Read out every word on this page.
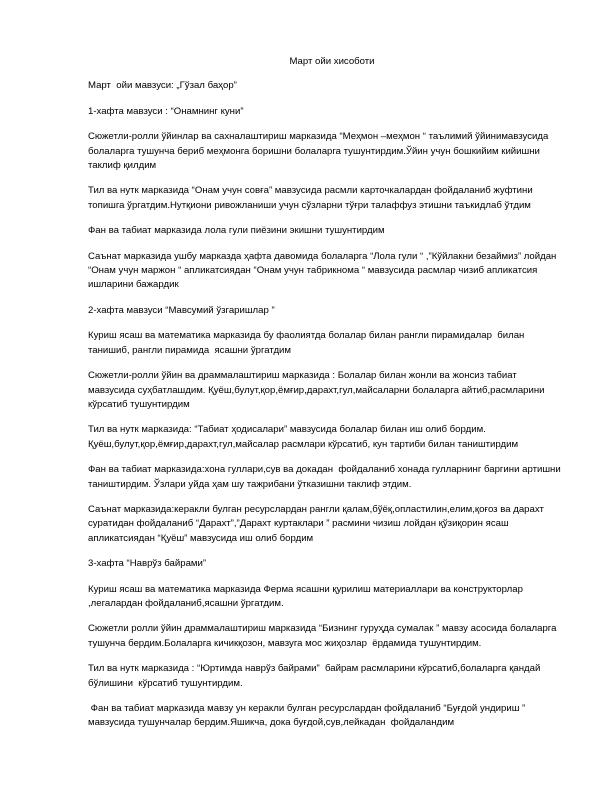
Март ойи хисоботи

Март  ойи мавзуси: „Гўзал баҳор”

1-хафта мавзуси : “Онамнинг куни”

Сюжетли-ролли ўйинлар ва сахналаштириш марказида “Меҳмон –меҳмон “ таълимий ўйинимавзусида болаларга тушунча бериб меҳмонга боришни болаларга тушунтирдим.Ўйин учун бошкийим кийишни таклиф қилдим

Тил ва нутк марказида “Онам учун совға” мавзусида расмли карточкалардан фойдаланиб жуфтини топишга ўргатдим.Нутқиони ривожланиши учун сўзларни тўғри талаффуз этишни таъкидлаб ўтдим

Фан ва табиат марказида лола гули пиёзини экишни тушунтирдим

Саънат марказида ушбу марказда ҳафта давомида болаларга “Лола гули “ ,”Кўйлакни безаймиз” лойдан “Онам учун маржон “ апликатсиядан “Онам учун табрикнома “ мавзусида расмлар чизиб апликатсия ишларини бажардик

2-хафта мавзуси “Мавсумий ўзгаришлар ”

Куриш ясаш ва математика марказида бу фаолиятда болалар билан рангли пирамидалар  билан танишиб, рангли пирамида  ясашни ўргатдим

Сюжетли-ролли ўйин ва драммалаштириш марказида : Болалар билан жонли ва жонсиз табиат мавзусида суҳбатлашдим. Қуёш,булут,қор,ёмғир,дарахт,гул,майсаларни болаларга айтиб,расмларини кўрсатиб тушунтирдим

Тил ва нутк марказида: “Табиат ҳодисалари” мавзусида болалар билан иш олиб бордим. Қуёш,булут,қор,ёмғир,дарахт,гул,майсалар расмлари кўрсатиб, кун тартиби билан таништирдим

Фан ва табиат марказида:хона гуллари,сув ва докадан  фойдаланиб хонада гулларнинг баргини артишни таништирдим. Ўзлари уйда ҳам шу тажрибани ўтказишни таклиф этдим.

Саънат марказида:керакли булган ресурслардан рангли қалам,бўёқ,опластилин,елим,қоғоз ва дарахт суратидан фойдаланиб “Дарахт”,”Дарахт куртаклари ” расмини чизиш лойдан қўзиқорин ясаш апликатсиядан “Қуёш” мавзусида иш олиб бордим

3-хафта “Наврўз байрами”

Куриш ясаш ва математика марказида Ферма ясашни қурилиш материаллари ва конструкторлар ,легалардан фойдаланиб,ясашни ўргатдим.

Сюжетли ролли ўйин драммалаштириш марказида “Бизнинг гуруҳда сумалак ” мавзу асосида болаларга тушунча бердим.Болаларга кичикқозон, мавзуга мос жиҳозлар  ёрдамида тушунтирдим.

Тил ва нутк марказида : “Юртимда наврўз байрами”  байрам расмларини кўрсатиб,болаларга қандай бўлишини  кўрсатиб тушунтирдим.

Фан ва табиат марказида мавзу ун керакли булган ресурслардан фойдаланиб “Буғдой ундириш ” мавзусида тушунчалар бердим.Яшикча, дока буғдой,сув,лейкадан  фойдаландим
